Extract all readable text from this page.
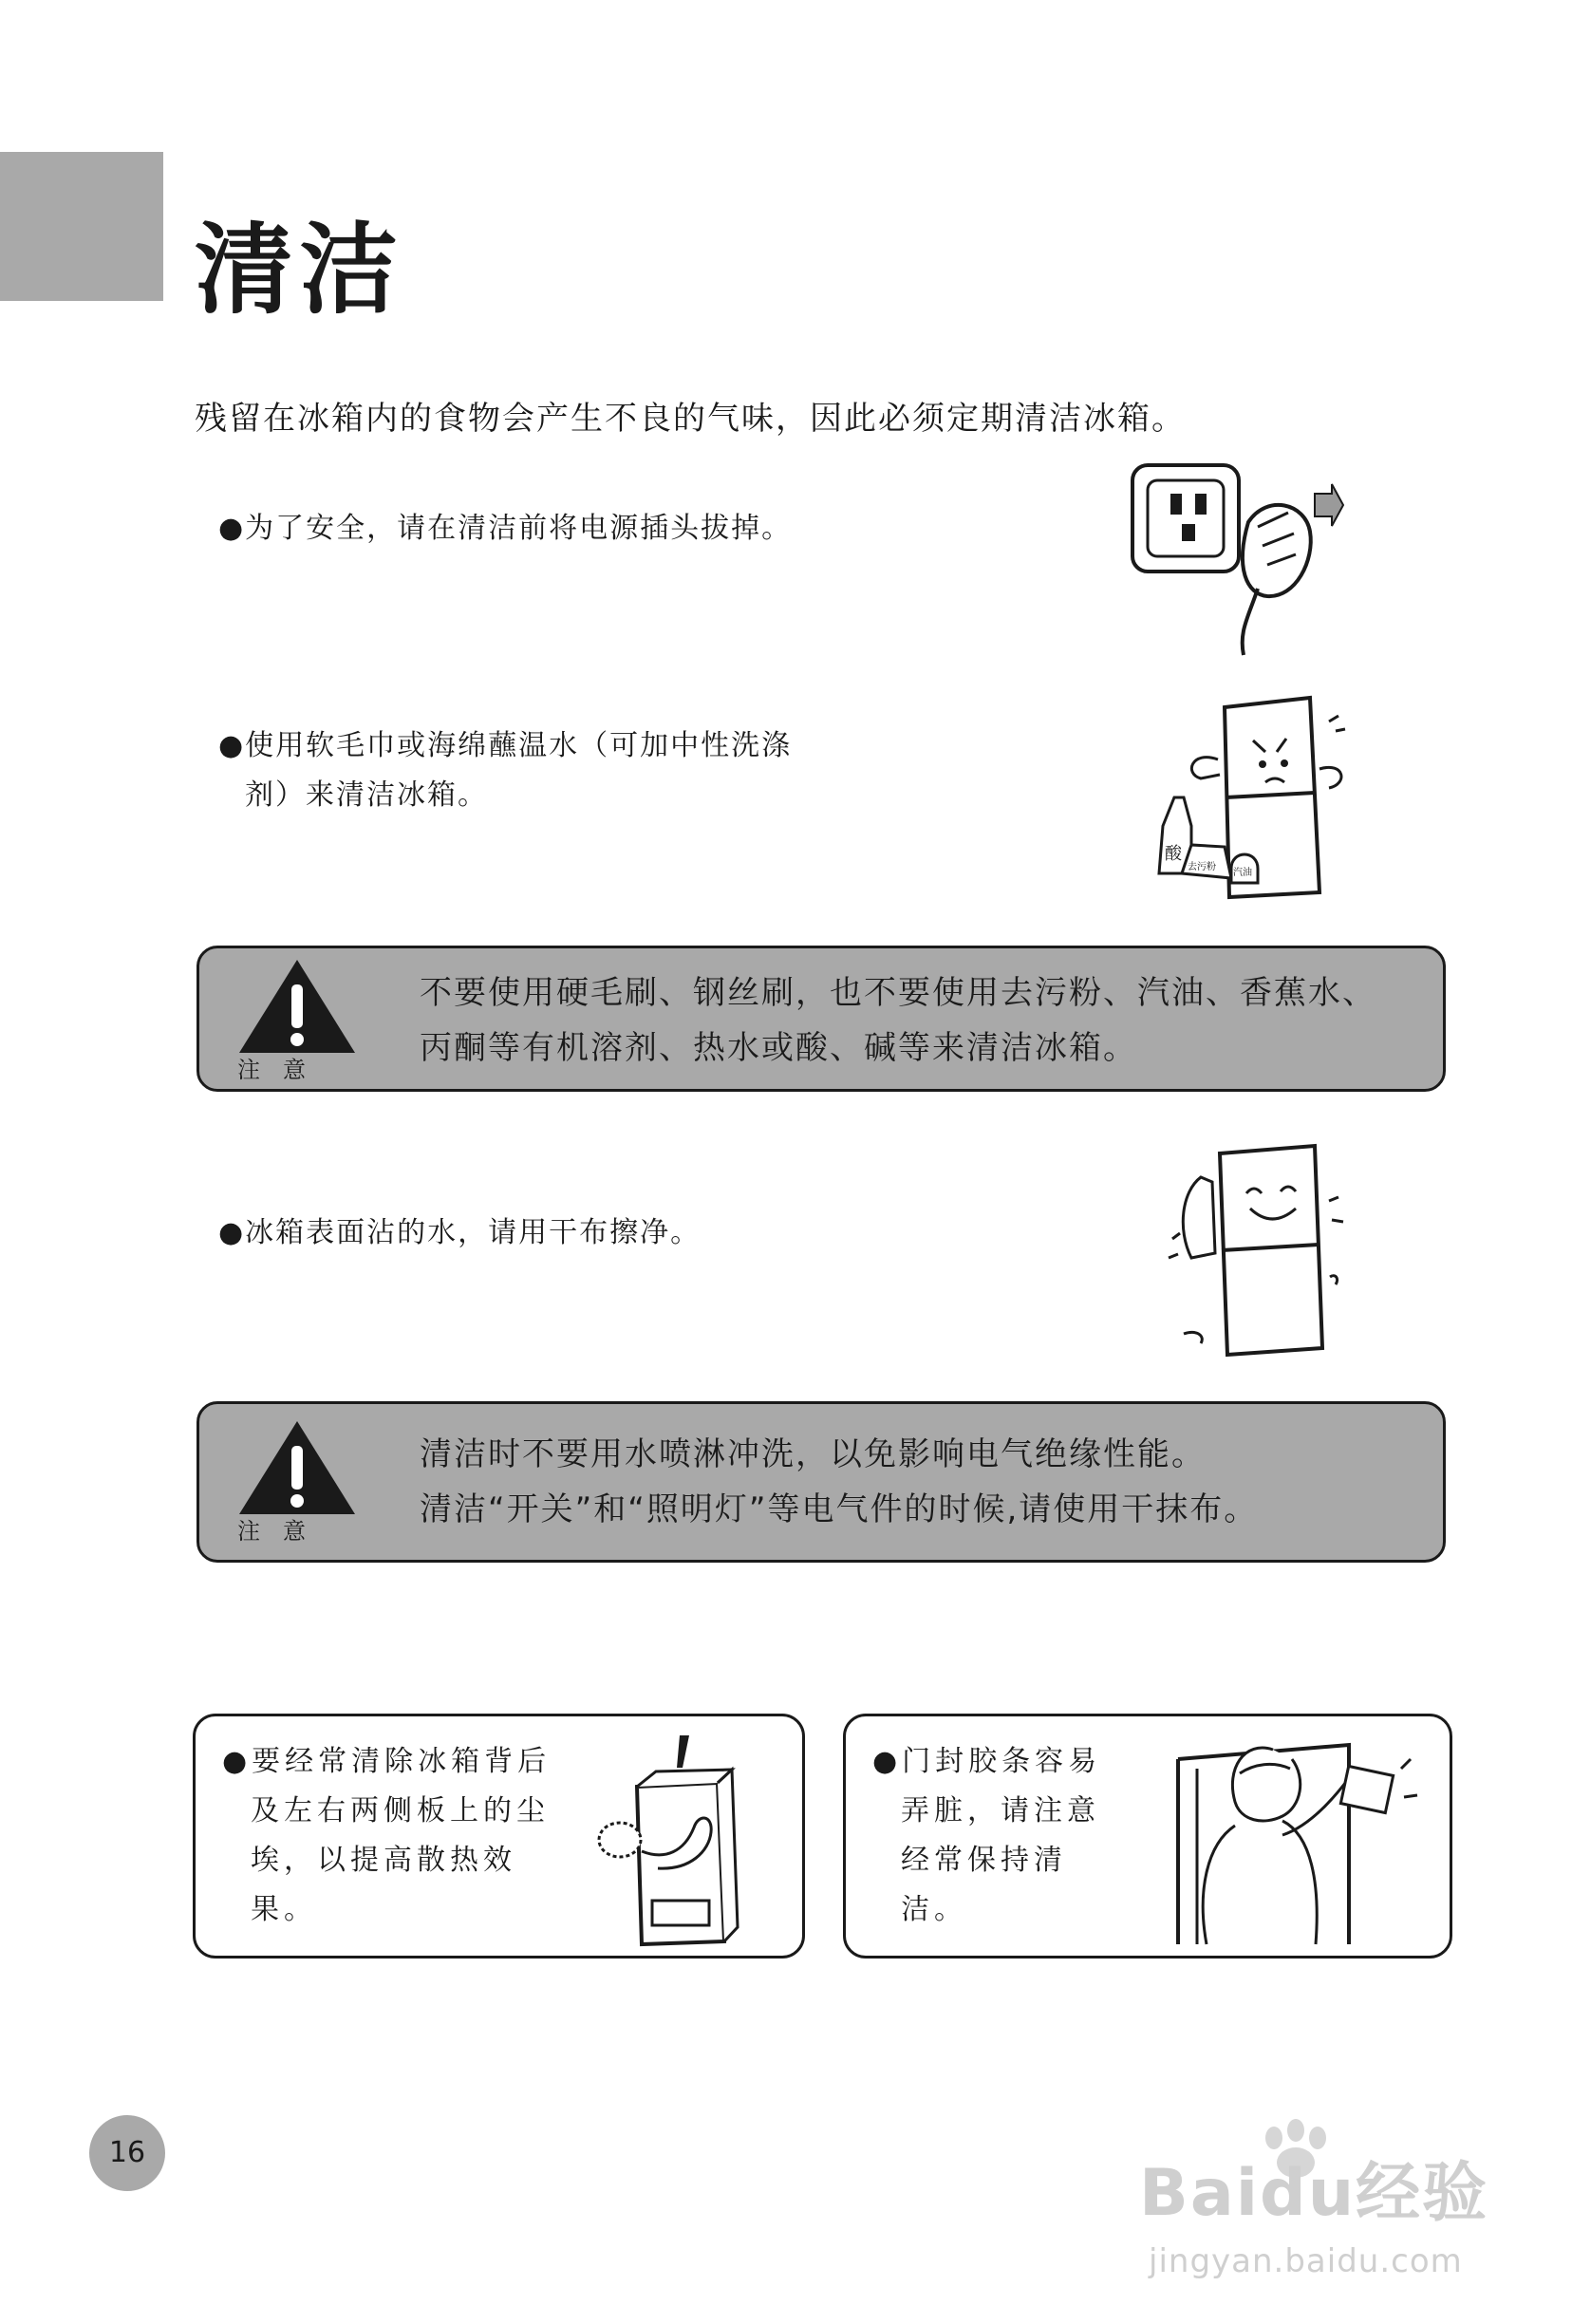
清洁
残留在冰箱内的食物会产生不良的气味，因此必须定期清洁冰箱。
●为了安全，请在清洁前将电源插头拔掉。
●使用软毛巾或海绵蘸温水（可加中性洗涤
剂）来清洁冰箱。
酸
去污粉
汽油
注　意
不要使用硬毛刷、钢丝刷，也不要使用去污粉、汽油、香蕉水、
丙酮等有机溶剂、热水或酸、碱等来清洁冰箱。
●冰箱表面沾的水，请用干布擦净。
注　意
清洁时不要用水喷淋冲洗，以免影响电气绝缘性能。
清洁“开关”和“照明灯”等电气件的时候,请使用干抹布。
●要经常清除冰箱背后
及左右两侧板上的尘
埃，以提高散热效果。
●门封胶条容易
弄脏，请注意
经常保持清
洁。
16
Baidu经验
jingyan.baidu.com
